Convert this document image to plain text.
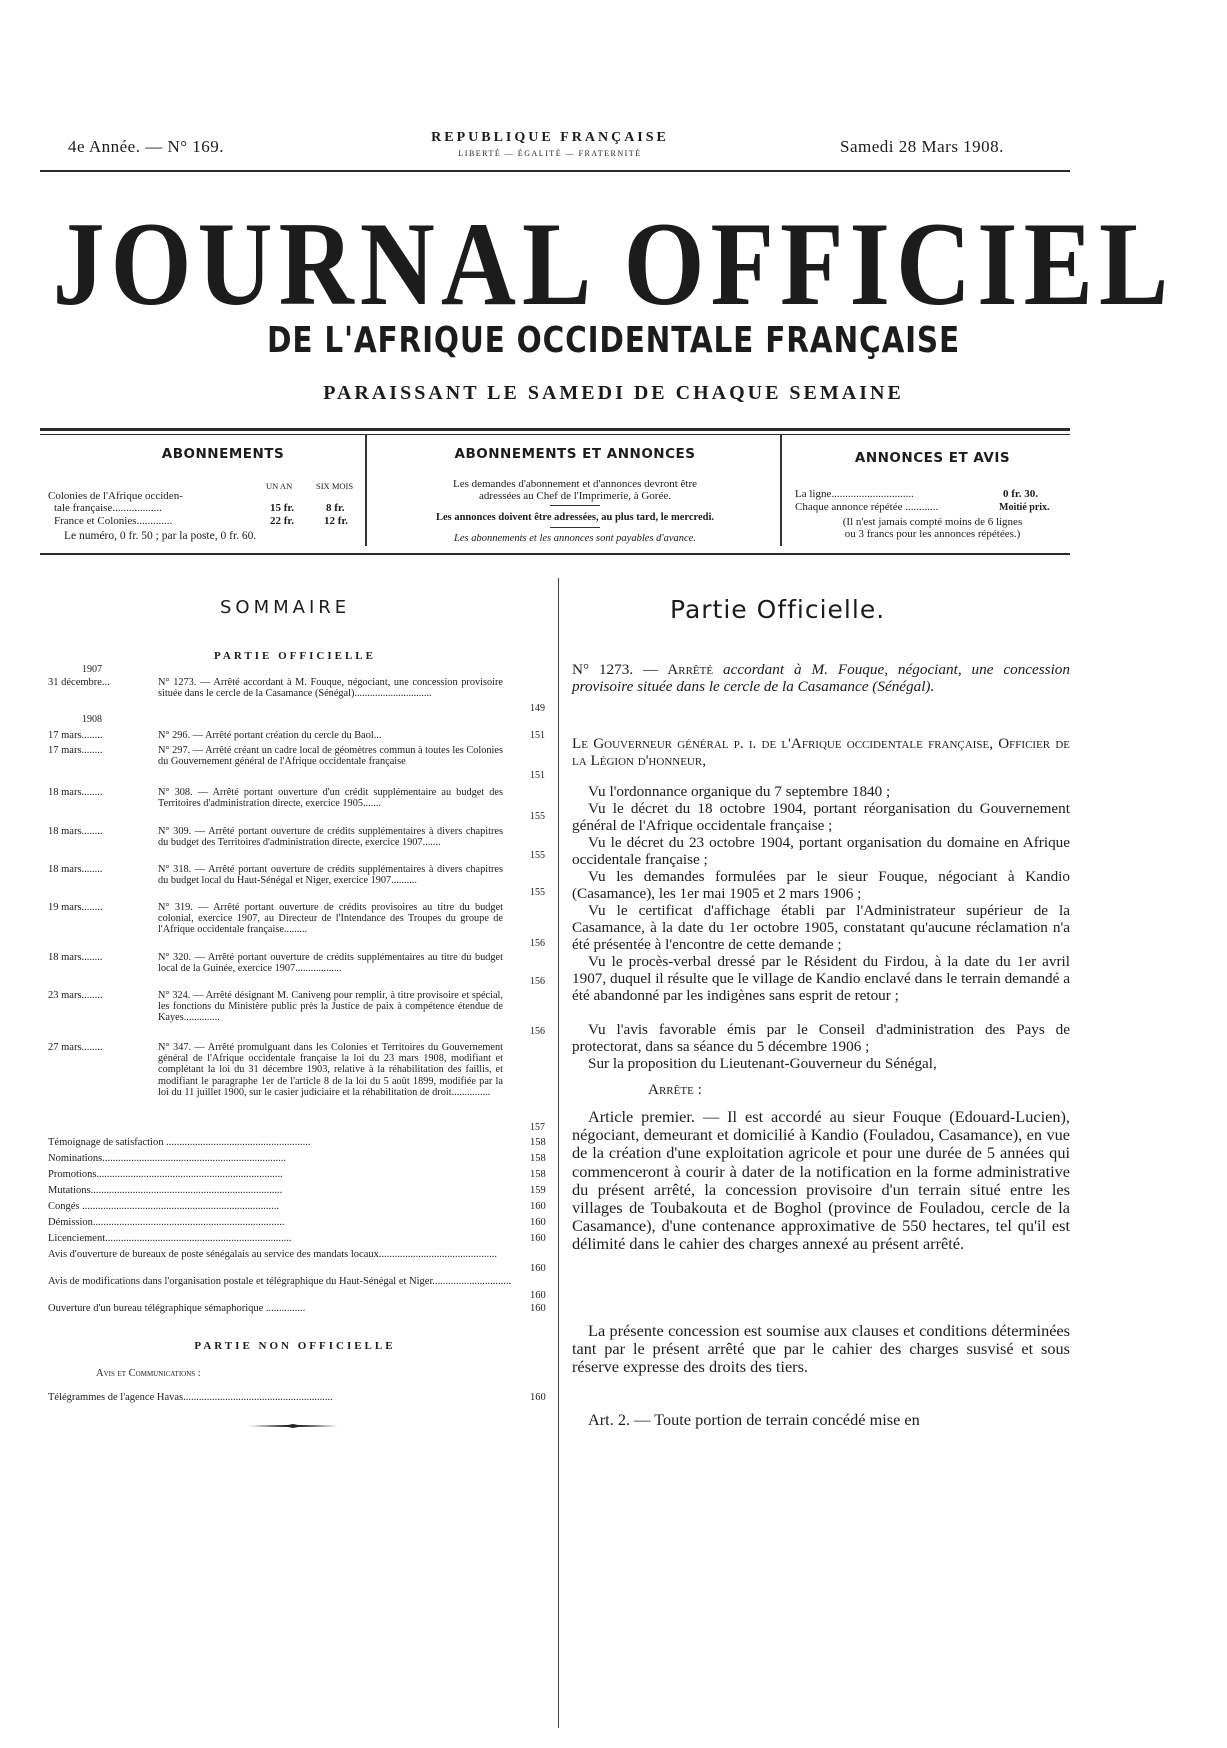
4e Année. — N° 169.	REPUBLIQUE FRANÇAISE
LIBERTÉ — ÉGALITÉ — FRATERNITÉ	Samedi 28 Mars 1908.
JOURNAL OFFICIEL
DE L'AFRIQUE OCCIDENTALE FRANÇAISE
PARAISSANT LE SAMEDI DE CHAQUE SEMAINE
ABONNEMENTS
UN AN	SIX MOIS
Colonies de l'Afrique occiden-
tale française..................	15 fr.	8 fr.
France et Colonies.............	22 fr.	12 fr.
Le numéro, 0 fr. 50 ; par la poste, 0 fr. 60.
ABONNEMENTS ET ANNONCES
Les demandes d'abonnement et d'annonces devront être
adressées au Chef de l'Imprimerie, à Gorée.
Les annonces doivent être adressées, au plus tard, le mercredi.
Les abonnements et les annonces sont payables d'avance.
ANNONCES ET AVIS
La ligne..............................	0 fr. 30.
Chaque annonce répétée ............	Moitié prix.
(Il n'est jamais compté moins de 6 lignes
ou 3 francs pour les annonces répétées.)
SOMMAIRE
PARTIE OFFICIELLE
1907
31 décembre...	N° 1273. — Arrêté accordant à M. Fouque, négociant, une concession provisoire située dans le cercle de la Casamance (Sénégal)..............................
149
1908
17 mars........	N° 296. — Arrêté portant création du cercle du Baol...	151
17 mars........	N° 297. — Arrêté créant un cadre local de géomètres commun à toutes les Colonies du Gouvernement général de l'Afrique occidentale française
151
18 mars........	N° 308. — Arrêté portant ouverture d'un crédit supplémentaire au budget des Territoires d'administration directe, exercice 1905.......
155
18 mars........	N° 309. — Arrêté portant ouverture de crédits supplémentaires à divers chapitres du budget des Territoires d'administration directe, exercice 1907.......
155
18 mars........	N° 318. — Arrêté portant ouverture de crédits supplémentaires à divers chapitres du budget local du Haut-Sénégal et Niger, exercice 1907..........
155
19 mars........	N° 319. — Arrêté portant ouverture de crédits provisoires au titre du budget colonial, exercice 1907, au Directeur de l'Intendance des Troupes du groupe de l'Afrique occidentale française.........
156
18 mars........	N° 320. — Arrêté portant ouverture de crédits supplémentaires au titre du budget local de la Guinée, exercice 1907..................
156
23 mars........	N° 324. — Arrêté désignant M. Caniveng pour remplir, à titre provisoire et spécial, les fonctions du Ministère public près la Justice de paix à compétence étendue de Kayes..............
156
27 mars........	N° 347. — Arrêté promulguant dans les Colonies et Territoires du Gouvernement général de l'Afrique occidentale française la loi du 23 mars 1908, modifiant et complétant la loi du 31 décembre 1903, relative à la réhabilitation des faillis, et modifiant le paragraphe 1er de l'article 8 de la loi du 5 août 1899, modifiée par la loi du 11 juillet 1900, sur le casier judiciaire et la réhabilitation de droit...............
157
Témoignage de satisfaction .......................................................	158
Nominations......................................................................	158
Promotions.......................................................................	158
Mutations.........................................................................	159
Congés ...........................................................................	160
Démission.........................................................................	160
Licenciement.......................................................................	160
Avis d'ouverture de bureaux de poste sénégalais au service des mandats locaux.............................................
160
Avis de modifications dans l'organisation postale et télégraphique du Haut-Sénégal et Niger..............................
160
Ouverture d'un bureau télégraphique sémaphorique ...............	160
PARTIE NON OFFICIELLE
Avis et Communications :
Télégrammes de l'agence Havas.........................................................	160
Partie Officielle.
N° 1273. — Arrêté accordant à M. Fouque, négociant, une concession provisoire située dans le cercle de la Casamance (Sénégal).
Le Gouverneur général p. i. de l'Afrique occidentale française, Officier de la Légion d'honneur,
Vu l'ordonnance organique du 7 septembre 1840 ;
Vu le décret du 18 octobre 1904, portant réorganisation du Gouvernement général de l'Afrique occidentale française ;
Vu le décret du 23 octobre 1904, portant organisation du domaine en Afrique occidentale française ;
Vu les demandes formulées par le sieur Fouque, négociant à Kandio (Casamance), les 1er mai 1905 et 2 mars 1906 ;
Vu le certificat d'affichage établi par l'Administrateur supérieur de la Casamance, à la date du 1er octobre 1905, constatant qu'aucune réclamation n'a été présentée à l'encontre de cette demande ;
Vu le procès-verbal dressé par le Résident du Firdou, à la date du 1er avril 1907, duquel il résulte que le village de Kandio enclavé dans le terrain demandé a été abandonné par les indigènes sans esprit de retour ;
Vu l'avis favorable émis par le Conseil d'administration des Pays de protectorat, dans sa séance du 5 décembre 1906 ;
Sur la proposition du Lieutenant-Gouverneur du Sénégal,
Arrête :
Article premier. — Il est accordé au sieur Fouque (Edouard-Lucien), négociant, demeurant et domicilié à Kandio (Fouladou, Casamance), en vue de la création d'une exploitation agricole et pour une durée de 5 années qui commenceront à courir à dater de la notification en la forme administrative du présent arrêté, la concession provisoire d'un terrain situé entre les villages de Toubakouta et de Boghol (province de Fouladou, cercle de la Casamance), d'une contenance approximative de 550 hectares, tel qu'il est délimité dans le cahier des charges annexé au présent arrêté.
La présente concession est soumise aux clauses et conditions déterminées tant par le présent arrêté que par le cahier des charges susvisé et sous réserve expresse des droits des tiers.
Art. 2. — Toute portion de terrain concédé mise en
